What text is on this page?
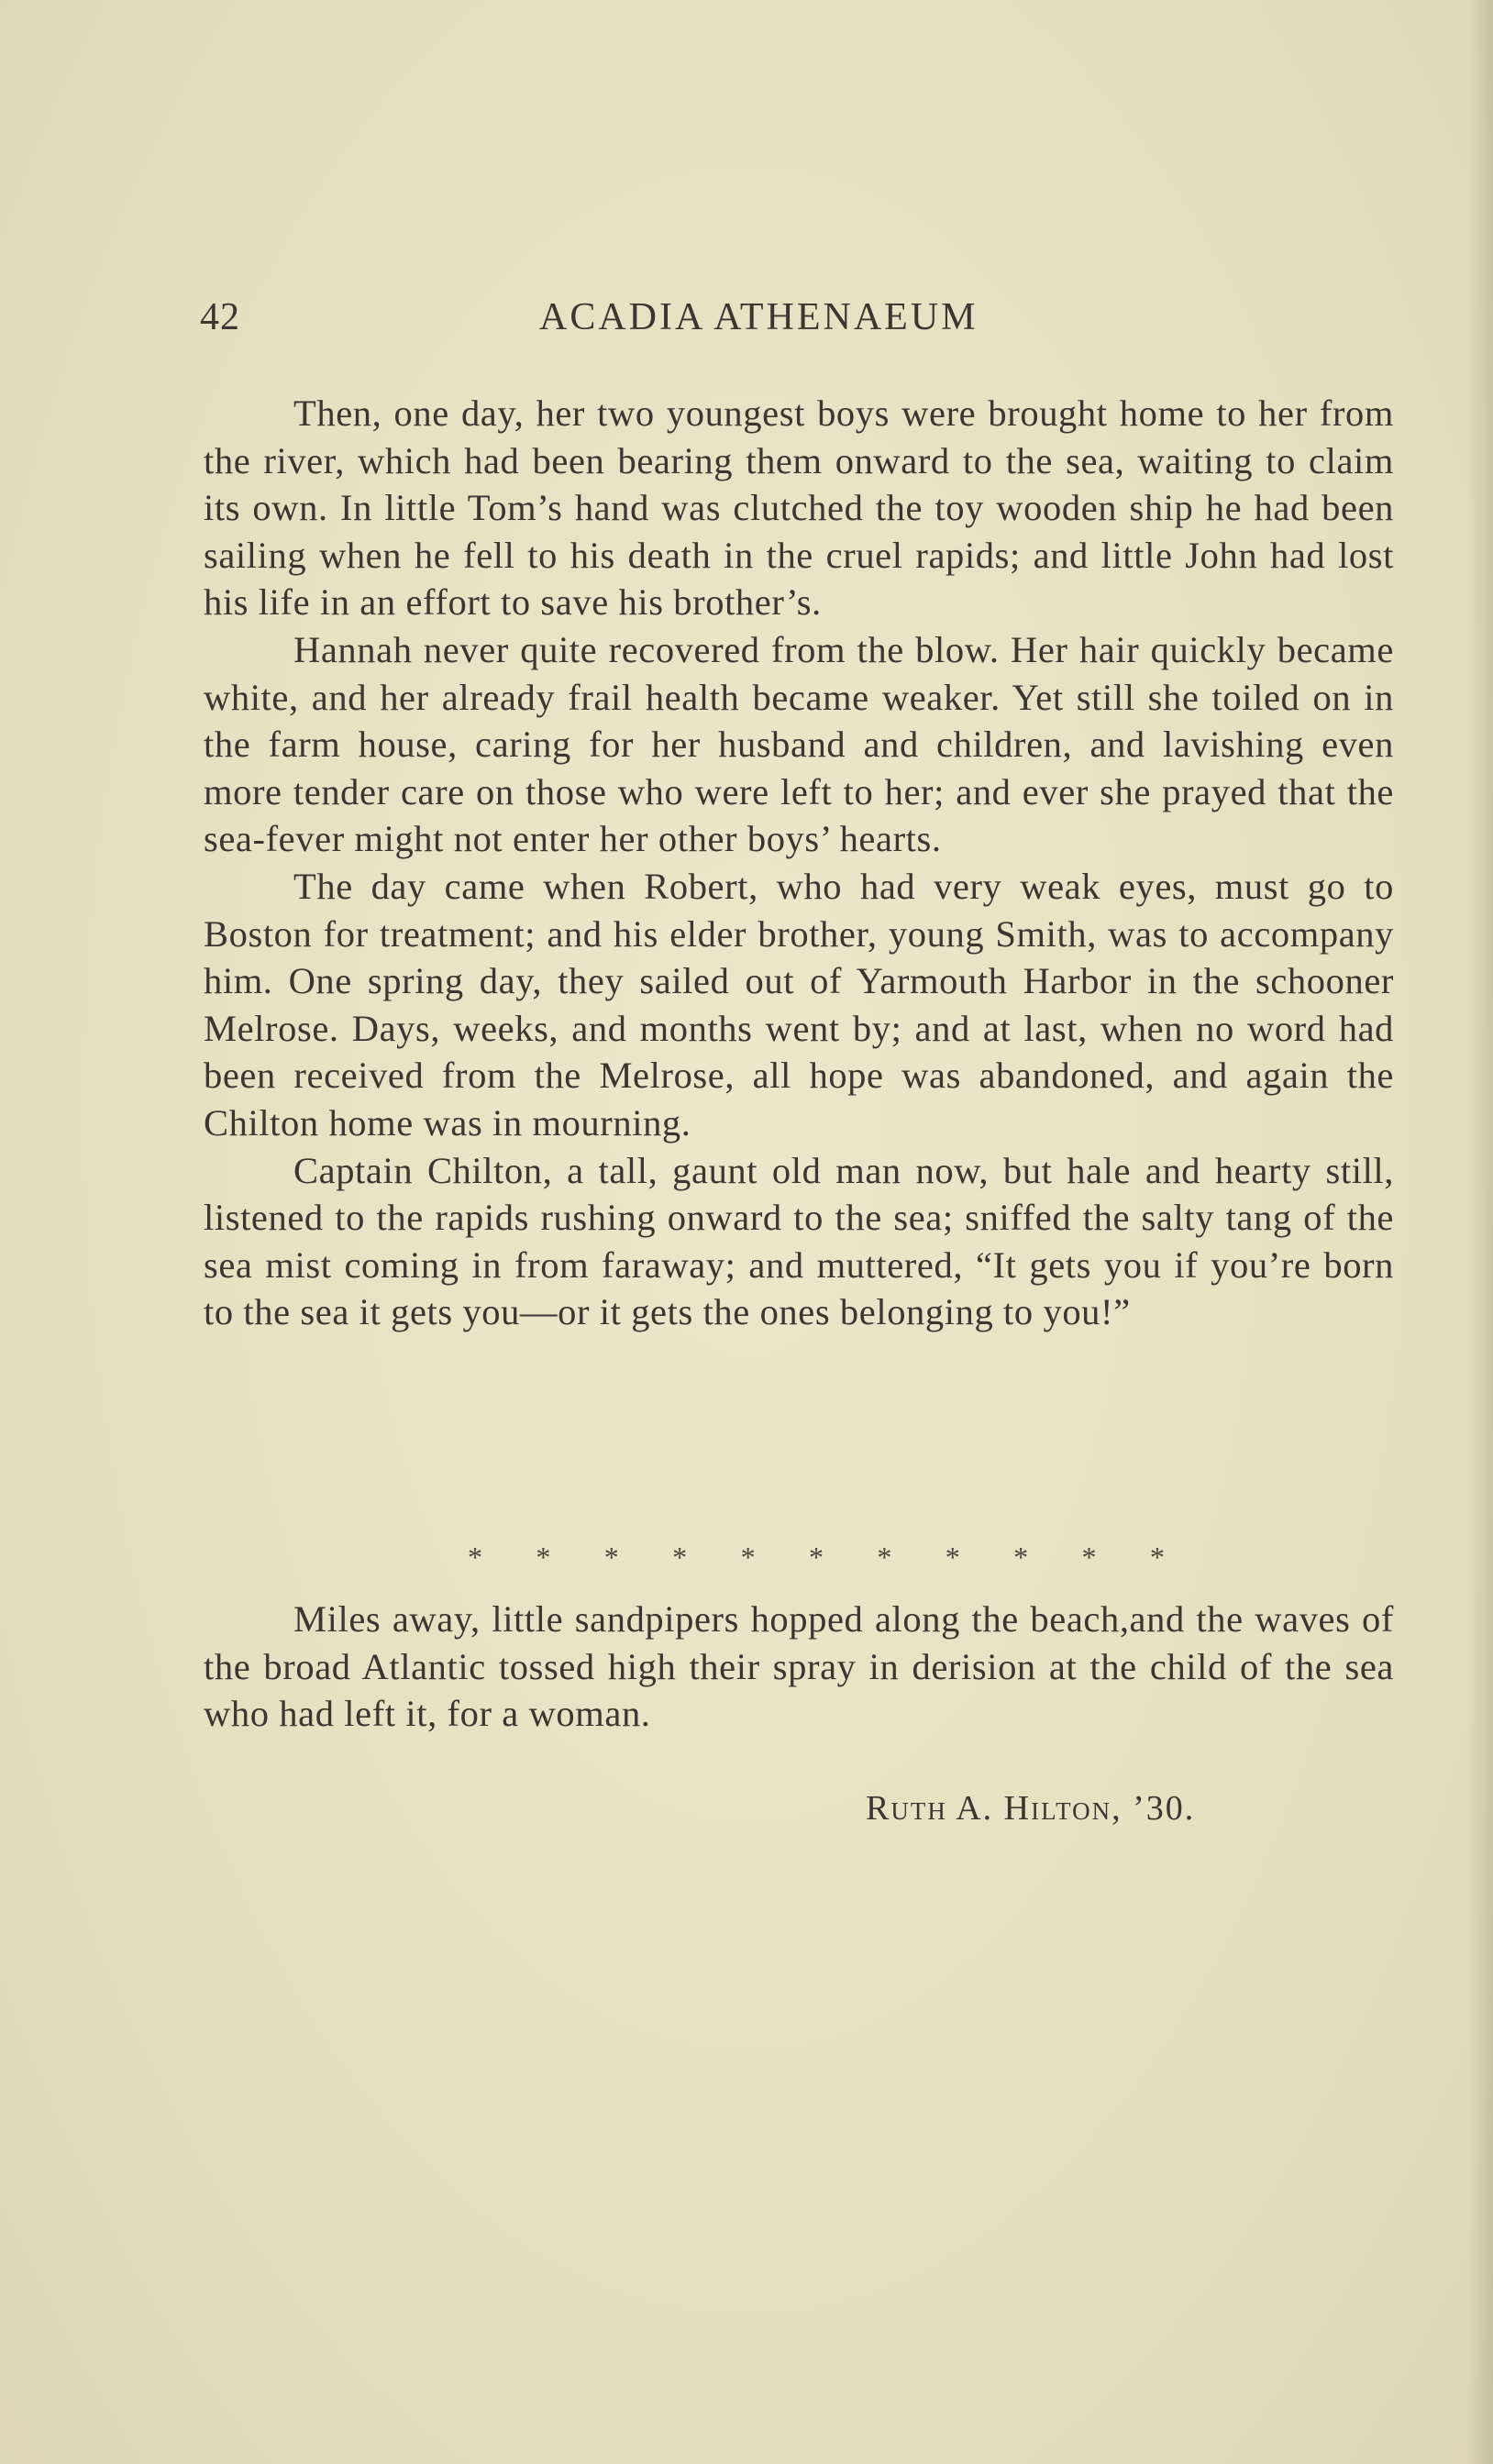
42	ACADIA ATHENAEUM

Then, one day, her two youngest boys were brought home to her from the river, which had been bearing them onward to the sea, waiting to claim its own. In little Tom’s hand was clutched the toy wooden ship he had been sailing when he fell to his death in the cruel rapids; and little John had lost his life in an effort to save his brother’s.

Hannah never quite recovered from the blow. Her hair quickly became white, and her already frail health became weaker. Yet still she toiled on in the farm house, caring for her husband and children, and lavishing even more tender care on those who were left to her; and ever she prayed that the sea-fever might not enter her other boys’ hearts.

The day came when Robert, who had very weak eyes, must go to Boston for treatment; and his elder brother, young Smith, was to accompany him. One spring day, they sailed out of Yarmouth Harbor in the schooner Melrose. Days, weeks, and months went by; and at last, when no word had been received from the Melrose, all hope was abandoned, and again the Chilton home was in mourning.

Captain Chilton, a tall, gaunt old man now, but hale and hearty still, listened to the rapids rushing onward to the sea; sniffed the salty tang of the sea mist coming in from faraway; and muttered, “It gets you if you’re born to the sea it gets you—or it gets the ones belonging to you!”

* * * * * * * * * * *

Miles away, little sandpipers hopped along the beach,and the waves of the broad Atlantic tossed high their spray in derision at the child of the sea who had left it, for a woman.

Ruth A. Hilton, ’30.
